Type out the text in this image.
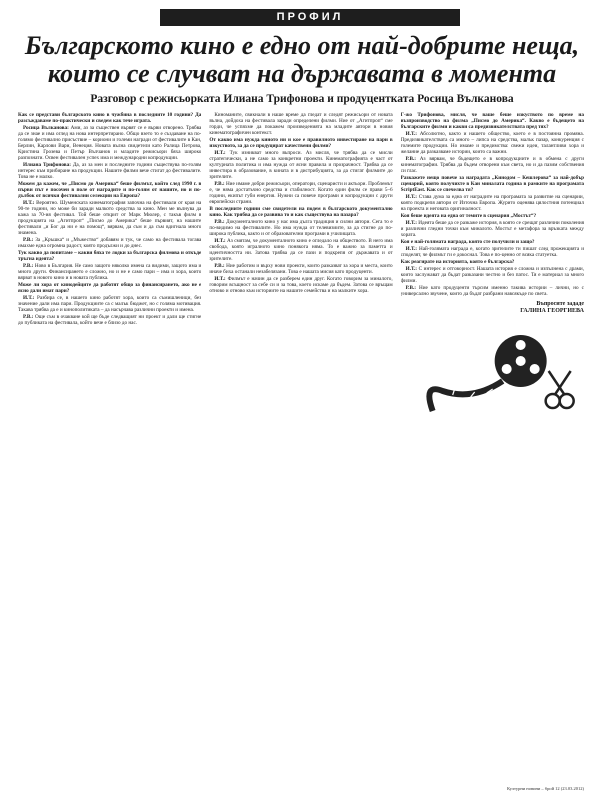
ПРОФИЛ
Българското кино е едно от най-добрите неща, които се случват на държавата в момента
Разговор с режисьорката Илиана Трифонова и продуцентката Росица Вълканова

Как се представи българското кино в чужбина в последните 10 години? Да разсъждаваме по-практически и сведем как тече играта.

Росица Вълканова: Ами, аз за съществен вървят се е върви отворено. Трябва да се знае и има оглед на нова интерпретирано. Общо взето то е създаване на по-голямо фестивално присъствие – кориони и големи награди от фестивалите в Кан, Берлин, Карлови Вари, Венеция. Новата вълна свидетели като Ралица Петрова, Кристина Грозева и Петър Вълчанов и младите режисьори бяха широко разпознати. Освен фестивален успех има и международни копродукции.

Илиана Трифонова: Да, аз за мен и последните години съществува по-голям интерес към прибиране на продукции. Нашите филми вече стигат до фестивалите. Това не е малко.

Можем да кажем, че „Писмо до Америка“ беше филмът, който след 1990 г. в първи път е посочен в поле от наградите и по-голям от нашите, но и по-дълбок от всички фестивални селекции на Европа?

И.Т.: Вероятно. Шуменската кинематография започна на фестивали от края на 90-те години, но може би заради малкото средства за кино. Мен ме вълнува да кажа за 70-ия фестивал. Той беше открит от Марк Мюлер, с такъв филм в продукцията на „Агитпроп“ „Писмо до Америка“ беше първият, на нашите фестивали „и Бог да ни е на помощ“, вярвам, да съм и да съм вдигнала много знамена.

Р.В.: За „Кръшка“ и „Мъжество“ добавям и тук, че само на фестивала тогава имахме една огромна радост, която продължи и до днес.

Тук какво да попитаме – какви бяха те лодки за българска филмова и откъде тръгна идеята?

Р.В.: Ново в България. Не само защото няколко имена са видими, защото има и много други. Финансирането е сложно, но и не е само пари – има и хора, които вярват в новото кино и в новата публика.

Може ли хора от кинодейците да работят общо за финансирането, ако не е ясно дали имат пари?

И.Т.: Разбира се, в нашето кино работят хора, които са съмишленици, без значение дали има пари. Продукциите са с малък бюджет, но с голяма мотивация. Такава трябва да е и кинополитиката – да насърчава различни проекти и имена.

Р.В.: Още съм в очакване кой ще бъде следващият ни проект и дали ще стигне до публиката на фестивала, който вече е близо до нас.

Киноманите, свикнали в наше време да гледат и следят режисьори от новата вълна, дойдоха на фестивала заради определени филми. Ние от „Агитпроп“ сме горди, че успяхме да покажем произведенията на младите автори в новия кинематографичен контекст.

От какво има нужда киното ни и кое е правилното инвестиране на пари в изкуството, за да се продуцират качествени филми?

И.Т.: Тук изникват много въпроси. Аз мисля, че трябва да се мисли стратегически, а не само за конкретни проекти. Кинематографията е част от културната политика и има нужда от ясни правила и прозрачност. Трябва да се инвестира в образование, в кината и в дистрибуцията, за да стигат филмите до зрителите.

Р.В.: Ние имаме добри режисьори, оператори, сценаристи и актьори. Проблемът е, че няма достатъчно средства и стабилност. Когато един филм се прави 5–6 години, екипът губи енергия. Нужни са повече програми и копродукции с други европейски страни.

В последните години сме свидетели на подем в българското документално кино. Как трябва да се развива то и как съществува на пазара?

Р.В.: Документалното кино у нас има дълга традиция и силни автори. Сега то е по-видимо на фестивалите. Но има нужда от телевизиите, за да стигне до по-широка публика, както и от образователни програми в училищата.

И.Т.: Аз смятам, че документалното кино е огледало на обществото. В него има свобода, която игралното кино понякога няма. То е важно за паметта и идентичността ни. Затова трябва да се пази и подкрепя от държавата и от зрителите.

Р.В.: Ние работим и върху нови проекти, които разказват за хора и места, които иначе биха останали незабелязани. Това е нашата мисия като продуценти.

И.Т.: Филмът е начин да се разберем един друг. Когато говорим за миналото, говорим всъщност за себе си и за това, което искаме да бъдем. Затова се връщам отново и отново към историите на нашите семейства и на малките хора.

Г-жо Трифонова, мисля, че ваше беше изкуството по време на възпроизводство на филма „Писмо до Америка“. Какво е бъдещето на българските филми и какви са предизвикателствата пред тях?

И.Т.: Абсолютно, както и нашето общество, което е в постоянна промяна. Предизвикателствата са много – липса на средства, малък пазар, конкуренция с големите продукции. Но имаме и предимства: свежи идеи, талантливи хора и желание да разказваме истории, които са важни.

Р.В.: Аз вярвам, че бъдещето е в копродукциите и в обмена с други кинематографии. Трябва да бъдем отворени към света, но и да пазим собствения си глас.

Разкажете нещо повече за наградата „Кинодом – Кешлерова“ за най-добър сценарий, която получихте в Кан миналата година в рамките на програмата ScriptEast. Как се спечелва тя?

И.Т.: Става дума за една от наградите на програмата за развитие на сценарии, която подкрепя автори от Източна Европа. Журито оценява цялостния потенциал на проекта и неговата оригиналност.

Коя беше идеята на една от темите в сценария „Мостът“?

И.Т.: Идеята беше да се разкаже история, в която се срещат различни поколения и различни гледни точки към миналото. Мостът е метафора за връзката между хората.

Коя е най-голямата награда, която сте получили и защо?

И.Т.: Най-голямата награда е, когато зрителите ти пишат след прожекцията и споделят, че филмът ги е докоснал. Това е по-ценно от всяка статуетка.

Как реагирате на историята, която е българска?

И.Т.: С интерес и отговорност. Нашата история е сложна и изпълнена с драми, които заслужават да бъдат разказани честно и без патос. Тя е материал за много филми.

Р.В.: Ние като продуценти търсим именно такива истории – лични, но с универсално звучене, които да бъдат разбрани навсякъде по света.

Въпросите зададе
ГАЛИНА ГЕОРГИЕВА
Културни новини – брой 12 (23.03.2012)
